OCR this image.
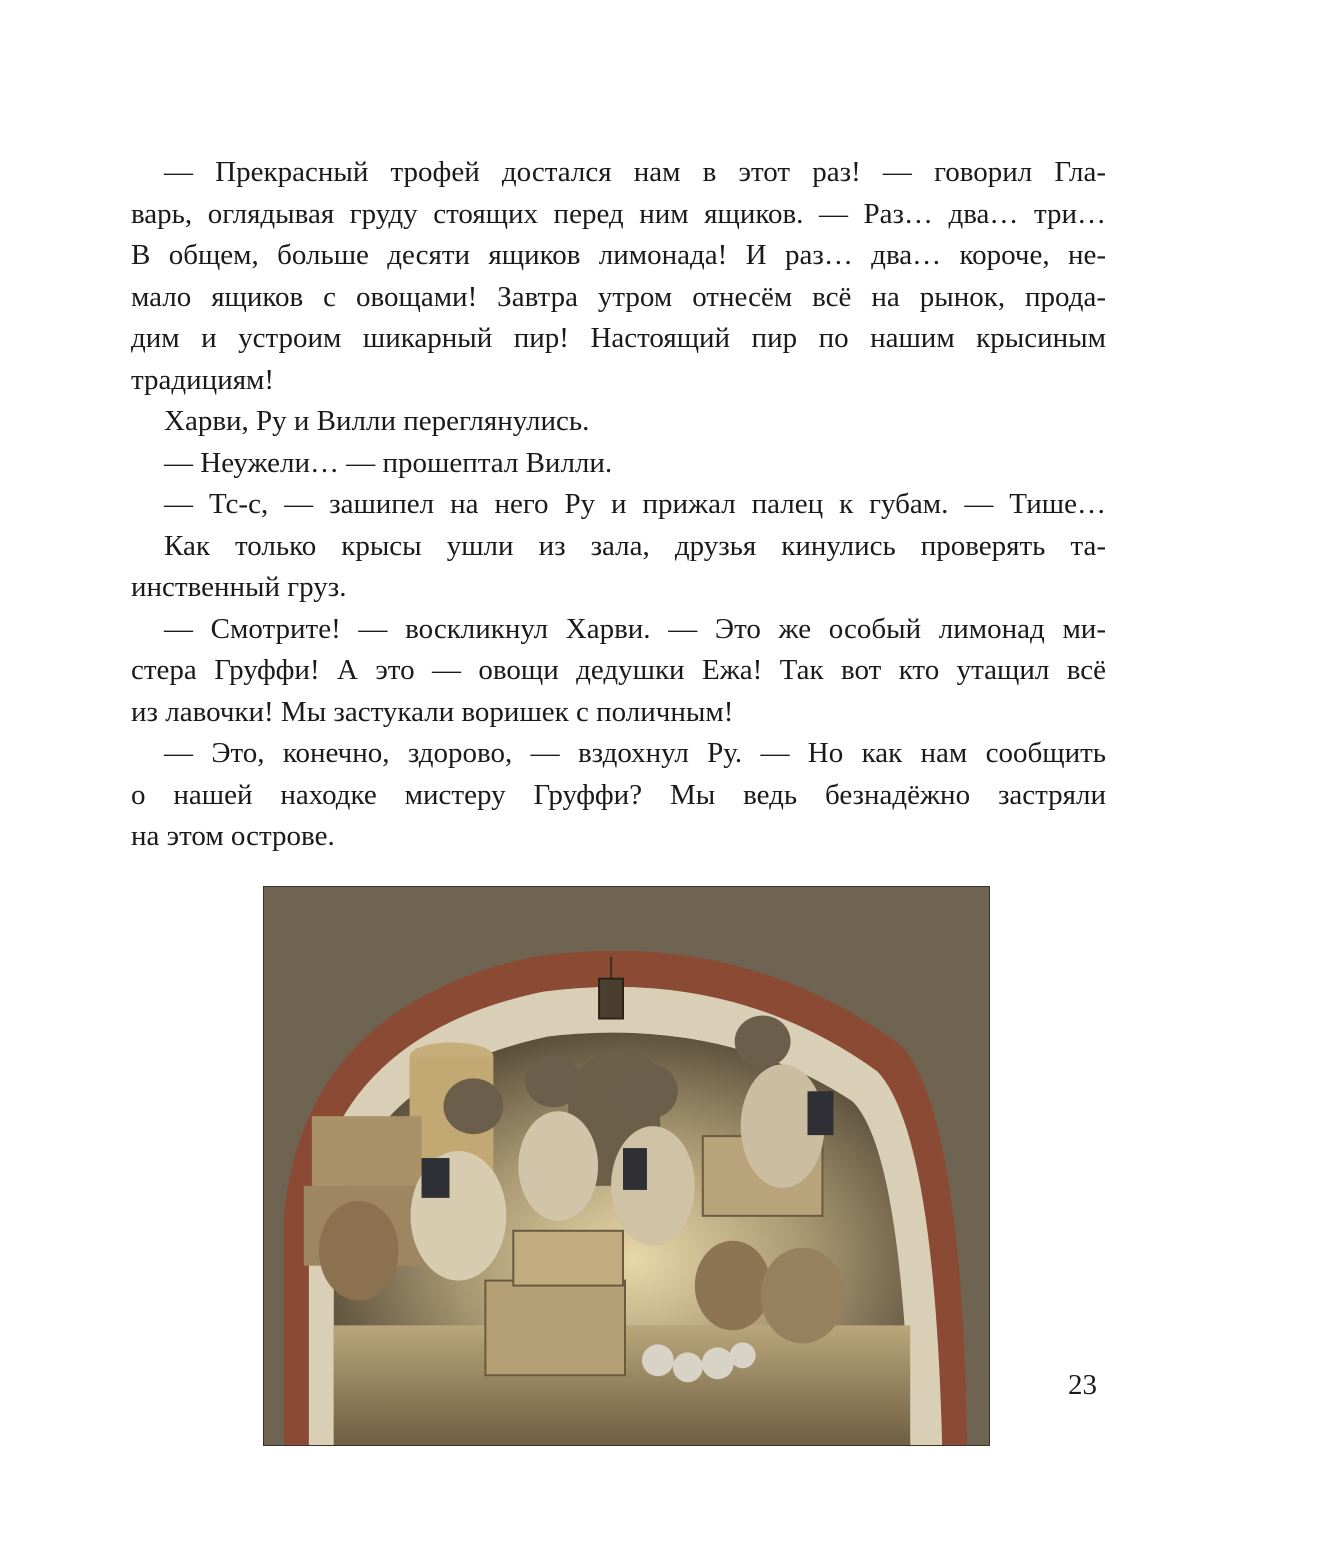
— Прекрасный трофей достался нам в этот раз! — говорил Гла-
варь, оглядывая груду стоящих перед ним ящиков. — Раз… два… три…
В общем, больше десяти ящиков лимонада! И раз… два… короче, не-
мало ящиков с овощами! Завтра утром отнесём всё на рынок, прода-
дим и устроим шикарный пир! Настоящий пир по нашим крысиным
традициям!
Харви, Ру и Вилли переглянулись.
— Неужели… — прошептал Вилли.
— Тс-с, — зашипел на него Ру и прижал палец к губам. — Тише…
Как только крысы ушли из зала, друзья кинулись проверять та-
инственный груз.
— Смотрите! — воскликнул Харви. — Это же особый лимонад ми-
стера Груффи! А это — овощи дедушки Ежа! Так вот кто утащил всё
из лавочки! Мы застукали воришек с поличным!
— Это, конечно, здорово, — вздохнул Ру. — Но как нам сообщить
о нашей находке мистеру Груффи? Мы ведь безнадёжно застряли
на этом острове.
23
